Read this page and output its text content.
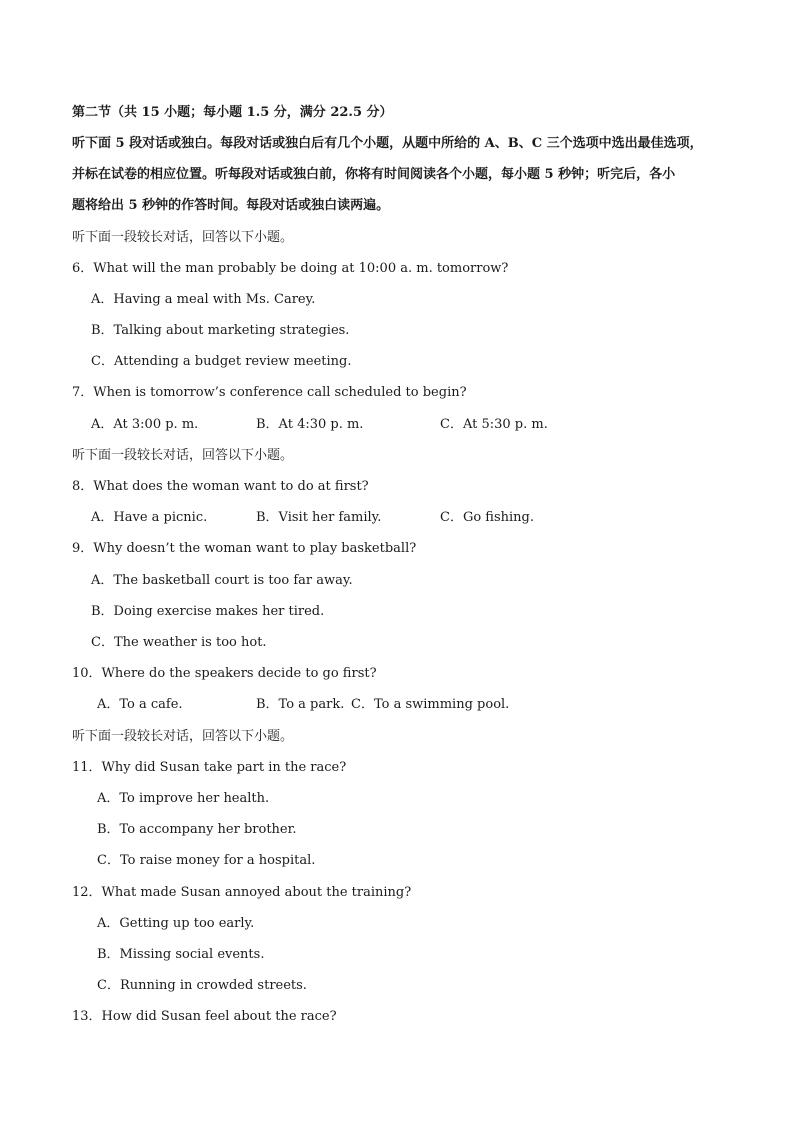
第二节（共 15 小题；每小题 1.5 分，满分 22.5 分）
听下面 5 段对话或独白。每段对话或独白后有几个小题，从题中所给的 A、B、C 三个选项中选出最佳选项，
并标在试卷的相应位置。听每段对话或独白前，你将有时间阅读各个小题，每小题 5 秒钟；听完后，各小
题将给出 5 秒钟的作答时间。每段对话或独白读两遍。
听下面一段较长对话，回答以下小题。
6．What will the man probably be doing at 10:00 a. m. tomorrow?
A．Having a meal with Ms. Carey.
B．Talking about marketing strategies.
C．Attending a budget review meeting.
7．When is tomorrow’s conference call scheduled to begin?
A．At 3:00 p. m.	B．At 4:30 p. m.	C．At 5:30 p. m.
听下面一段较长对话，回答以下小题。
8．What does the woman want to do at first?
A．Have a picnic.	B．Visit her family.	C．Go fishing.
9．Why doesn’t the woman want to play basketball?
A．The basketball court is too far away.
B．Doing exercise makes her tired.
C．The weather is too hot.
10．Where do the speakers decide to go first?
A．To a cafe.	B．To a park. C．To a swimming pool.
听下面一段较长对话，回答以下小题。
11．Why did Susan take part in the race?
A．To improve her health.
B．To accompany her brother.
C．To raise money for a hospital.
12．What made Susan annoyed about the training?
A．Getting up too early.
B．Missing social events.
C．Running in crowded streets.
13．How did Susan feel about the race?
